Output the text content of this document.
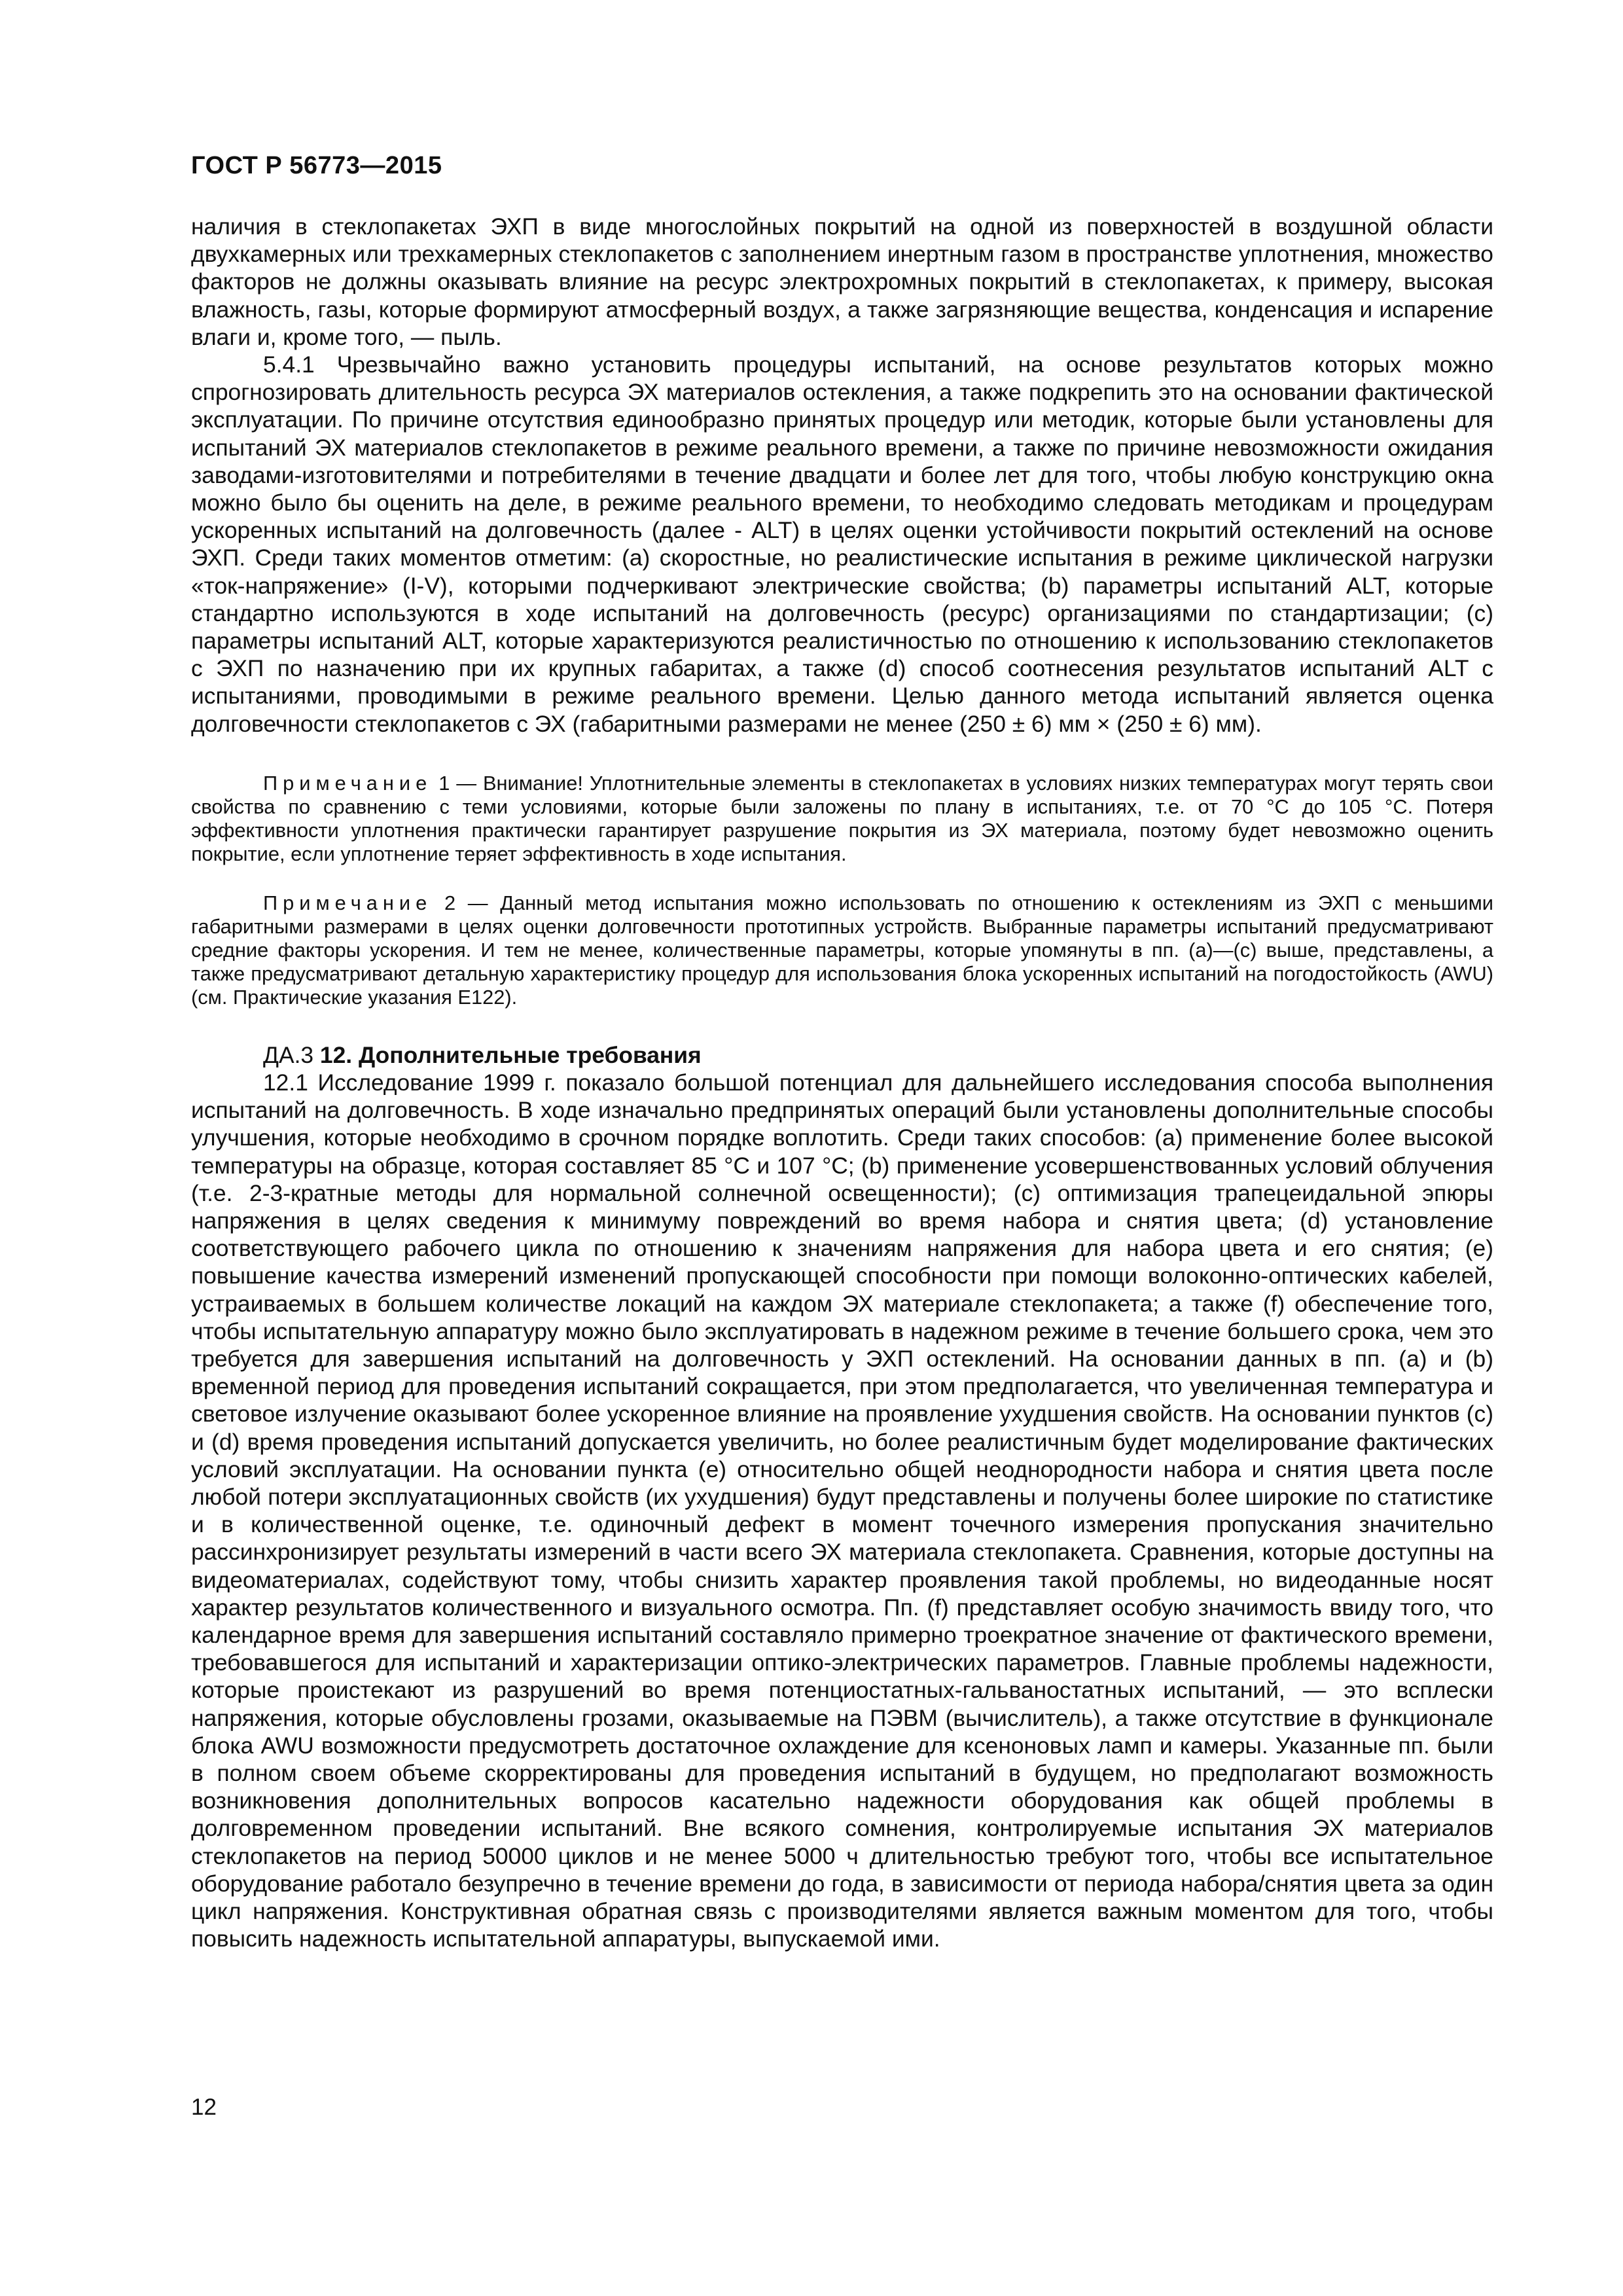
ГОСТ Р 56773—2015

наличия в стеклопакетах ЭХП в виде многослойных покрытий на одной из поверхностей в воздушной области двухкамерных или трехкамерных стеклопакетов с заполнением инертным газом в пространстве уплотнения, множество факторов не должны оказывать влияние на ресурс электрохромных покрытий в стеклопакетах, к примеру, высокая влажность, газы, которые формируют атмосферный воздух, а также загрязняющие вещества, конденсация и испарение влаги и, кроме того, — пыль.

5.4.1 Чрезвычайно важно установить процедуры испытаний, на основе результатов которых можно спрогнозировать длительность ресурса ЭХ материалов остекления, а также подкрепить это на основании фактической эксплуатации. По причине отсутствия единообразно принятых процедур или методик, которые были установлены для испытаний ЭХ материалов стеклопакетов в режиме реального времени, а также по причине невозможности ожидания заводами-изготовителями и потребителями в течение двадцати и более лет для того, чтобы любую конструкцию окна можно было бы оценить на деле, в режиме реального времени, то необходимо следовать методикам и процедурам ускоренных испытаний на долговечность (далее - ALT) в целях оценки устойчивости покрытий остеклений на основе ЭХП. Среди таких моментов отметим: (a) скоростные, но реалистические испытания в режиме циклической нагрузки «ток-напряжение» (I-V), которыми подчеркивают электрические свойства; (b) параметры испытаний ALT, которые стандартно используются в ходе испытаний на долговечность (ресурс) организациями по стандартизации; (c) параметры испытаний ALT, которые характеризуются реалистичностью по отношению к использованию стеклопакетов с ЭХП по назначению при их крупных габаритах, а также (d) способ соотнесения результатов испытаний ALT с испытаниями, проводимыми в режиме реального времени. Целью данного метода испытаний является оценка долговечности стеклопакетов с ЭХ (габаритными размерами не менее (250 ± 6) мм × (250 ± 6) мм).

Примечание 1 — Внимание! Уплотнительные элементы в стеклопакетах в условиях низких температурах могут терять свои свойства по сравнению с теми условиями, которые были заложены по плану в испытаниях, т.е. от 70 °С до 105 °С. Потеря эффективности уплотнения практически гарантирует разрушение покрытия из ЭХ материала, поэтому будет невозможно оценить покрытие, если уплотнение теряет эффективность в ходе испытания.

Примечание 2 — Данный метод испытания можно использовать по отношению к остеклениям из ЭХП с меньшими габаритными размерами в целях оценки долговечности прототипных устройств. Выбранные параметры испытаний предусматривают средние факторы ускорения. И тем не менее, количественные параметры, которые упомянуты в пп. (a)—(c) выше, представлены, а также предусматривают детальную характеристику процедур для использования блока ускоренных испытаний на погодостойкость (AWU) (см. Практические указания Е122).

ДА.3 12. Дополнительные требования

12.1 Исследование 1999 г. показало большой потенциал для дальнейшего исследования способа выполнения испытаний на долговечность. В ходе изначально предпринятых операций были установлены дополнительные способы улучшения, которые необходимо в срочном порядке воплотить. Среди таких способов: (a) применение более высокой температуры на образце, которая составляет 85 °С и 107 °С; (b) применение усовершенствованных условий облучения (т.е. 2-3-кратные методы для нормальной солнечной освещенности); (c) оптимизация трапецеидальной эпюры напряжения в целях сведения к минимуму повреждений во время набора и снятия цвета; (d) установление соответствующего рабочего цикла по отношению к значениям напряжения для набора цвета и его снятия; (e) повышение качества измерений изменений пропускающей способности при помощи волоконно-оптических кабелей, устраиваемых в большем количестве локаций на каждом ЭХ материале стеклопакета; а также (f) обеспечение того, чтобы испытательную аппаратуру можно было эксплуатировать в надежном режиме в течение большего срока, чем это требуется для завершения испытаний на долговечность у ЭХП остеклений. На основании данных в пп. (a) и (b) временной период для проведения испытаний сокращается, при этом предполагается, что увеличенная температура и световое излучение оказывают более ускоренное влияние на проявление ухудшения свойств. На основании пунктов (c) и (d) время проведения испытаний допускается увеличить, но более реалистичным будет моделирование фактических условий эксплуатации. На основании пункта (e) относительно общей неоднородности набора и снятия цвета после любой потери эксплуатационных свойств (их ухудшения) будут представлены и получены более широкие по статистике и в количественной оценке, т.е. одиночный дефект в момент точечного измерения пропускания значительно рассинхронизирует результаты измерений в части всего ЭХ материала стеклопакета. Сравнения, которые доступны на видеоматериалах, содействуют тому, чтобы снизить характер проявления такой проблемы, но видеоданные носят характер результатов количественного и визуального осмотра. Пп. (f) представляет особую значимость ввиду того, что календарное время для завершения испытаний составляло примерно троекратное значение от фактического времени, требовавшегося для испытаний и характеризации оптико-электрических параметров. Главные проблемы надежности, которые проистекают из разрушений во время потенциостатных-гальваностатных испытаний, — это всплески напряжения, которые обусловлены грозами, оказываемые на ПЭВМ (вычислитель), а также отсутствие в функционале блока AWU возможности предусмотреть достаточное охлаждение для ксеноновых ламп и камеры. Указанные пп. были в полном своем объеме скорректированы для проведения испытаний в будущем, но предполагают возможность возникновения дополнительных вопросов касательно надежности оборудования как общей проблемы в долговременном проведении испытаний. Вне всякого сомнения, контролируемые испытания ЭХ материалов стеклопакетов на период 50000 циклов и не менее 5000 ч длительностью требуют того, чтобы все испытательное оборудование работало безупречно в течение времени до года, в зависимости от периода набора/снятия цвета за один цикл напряжения. Конструктивная обратная связь с производителями является важным моментом для того, чтобы повысить надежность испытательной аппаратуры, выпускаемой ими.

12
